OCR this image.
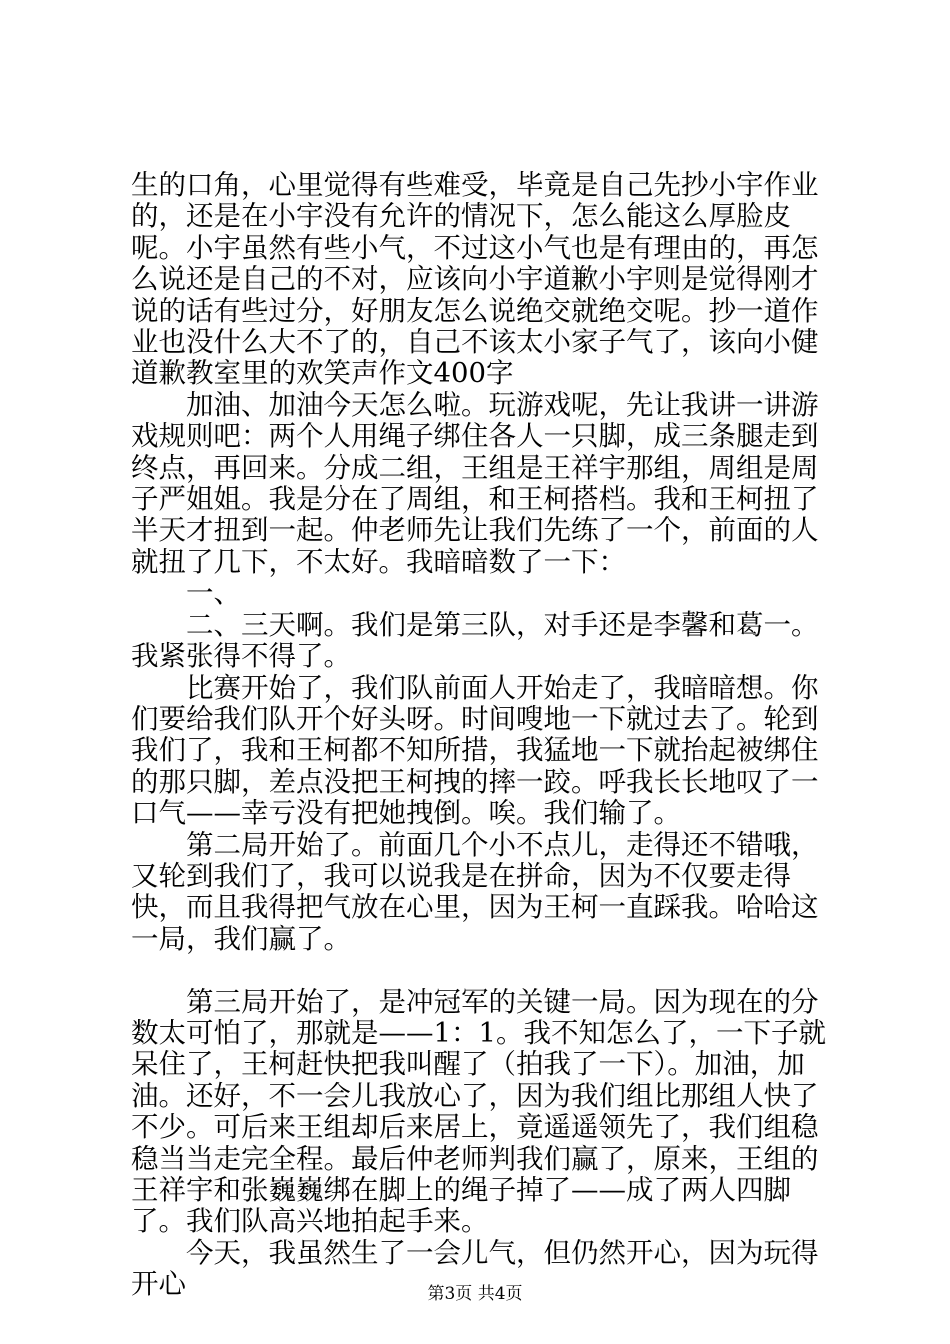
生的口角，心里觉得有些难受，毕竟是自己先抄小宇作业的，还是在小宇没有允许的情况下，怎么能这么厚脸皮呢。小宇虽然有些小气，不过这小气也是有理由的，再怎么说还是自己的不对，应该向小宇道歉小宇则是觉得刚才说的话有些过分，好朋友怎么说绝交就绝交呢。抄一道作业也没什么大不了的，自己不该太小家子气了，该向小健道歉教室里的欢笑声作文400字

加油、加油今天怎么啦。玩游戏呢，先让我讲一讲游戏规则吧：两个人用绳子绑住各人一只脚，成三条腿走到终点，再回来。分成二组，王组是王祥宇那组，周组是周子严姐姐。我是分在了周组，和王柯搭档。我和王柯扭了半天才扭到一起。仲老师先让我们先练了一个，前面的人就扭了几下，不太好。我暗暗数了一下：

一、

二、三天啊。我们是第三队，对手还是李馨和葛一。我紧张得不得了。

比赛开始了，我们队前面人开始走了，我暗暗想。你们要给我们队开个好头呀。时间嗖地一下就过去了。轮到我们了，我和王柯都不知所措，我猛地一下就抬起被绑住的那只脚，差点没把王柯拽的摔一跤。呼我长长地叹了一口气——幸亏没有把她拽倒。唉。我们输了。

第二局开始了。前面几个小不点儿，走得还不错哦，又轮到我们了，我可以说我是在拼命，因为不仅要走得快，而且我得把气放在心里，因为王柯一直踩我。哈哈这一局，我们赢了。

第三局开始了，是冲冠军的关键一局。因为现在的分数太可怕了，那就是——1：1。我不知怎么了，一下子就呆住了，王柯赶快把我叫醒了（拍我了一下）。加油，加油。还好，不一会儿我放心了，因为我们组比那组人快了不少。可后来王组却后来居上，竟遥遥领先了，我们组稳稳当当走完全程。最后仲老师判我们赢了，原来，王组的王祥宇和张巍巍绑在脚上的绳子掉了——成了两人四脚了。我们队高兴地拍起手来。

今天，我虽然生了一会儿气，但仍然开心，因为玩得开心	第3页 共4页
